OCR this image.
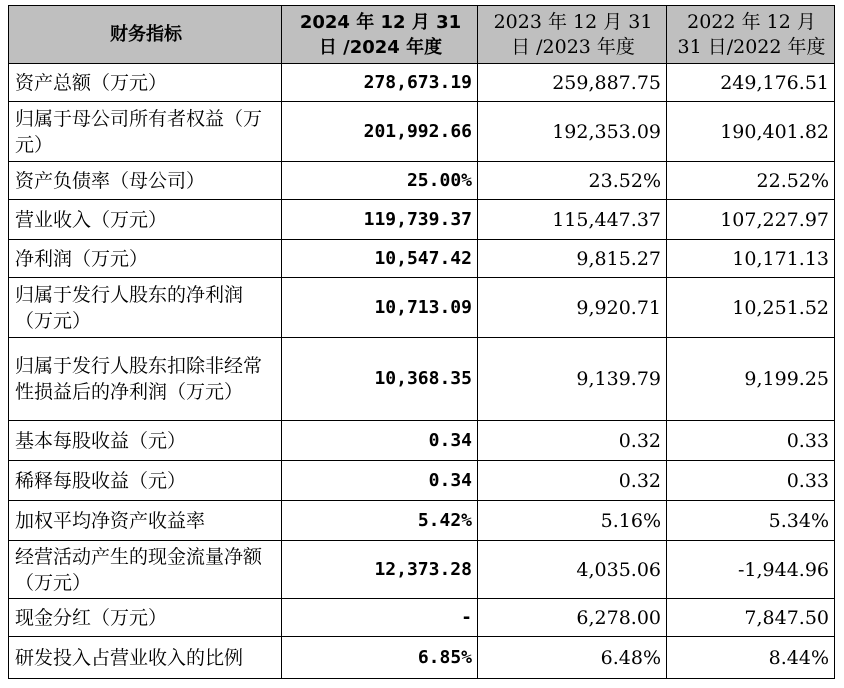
财务指标	2024 年 12 月 31 日 /2024 年度	2023 年 12 月 31 日 /2023 年度	2022 年 12 月 31 日/2022 年度
资产总额（万元）	278,673.19	259,887.75	249,176.51
归属于母公司所有者权益（万元）	201,992.66	192,353.09	190,401.82
资产负债率（母公司）	25.00%	23.52%	22.52%
营业收入（万元）	119,739.37	115,447.37	107,227.97
净利润（万元）	10,547.42	9,815.27	10,171.13
归属于发行人股东的净利润（万元）	10,713.09	9,920.71	10,251.52
归属于发行人股东扣除非经常性损益后的净利润（万元）	10,368.35	9,139.79	9,199.25
基本每股收益（元）	0.34	0.32	0.33
稀释每股收益（元）	0.34	0.32	0.33
加权平均净资产收益率	5.42%	5.16%	5.34%
经营活动产生的现金流量净额（万元）	12,373.28	4,035.06	-1,944.96
现金分红（万元）	-	6,278.00	7,847.50
研发投入占营业收入的比例	6.85%	6.48%	8.44%
